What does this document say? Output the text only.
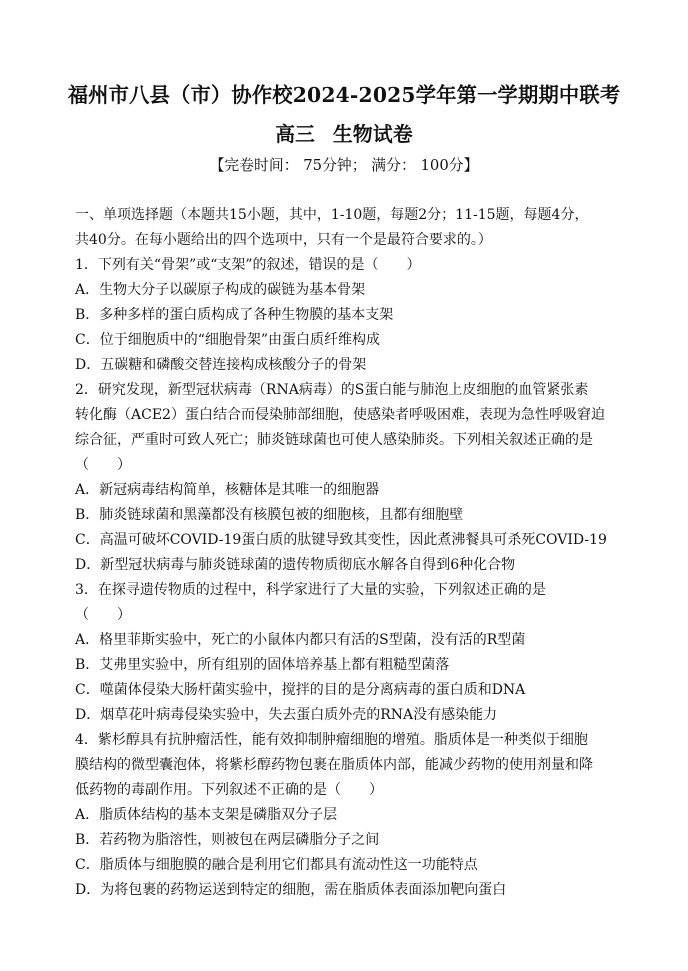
福州市八县（市）协作校2024-2025学年第一学期期中联考
高三 生物试卷
【完卷时间： 75分钟； 满分： 100分】
一、单项选择题（本题共15小题，其中，1-10题，每题2分；11-15题，每题4分，
共40分。在每小题给出的四个选项中，只有一个是最符合要求的。）
1．下列有关“骨架”或“支架”的叙述，错误的是（　　）
A．生物大分子以碳原子构成的碳链为基本骨架
B．多种多样的蛋白质构成了各种生物膜的基本支架
C．位于细胞质中的“细胞骨架”由蛋白质纤维构成
D．五碳糖和磷酸交替连接构成核酸分子的骨架
2．研究发现，新型冠状病毒（RNA病毒）的S蛋白能与肺泡上皮细胞的血管紧张素
转化酶（ACE2）蛋白结合而侵染肺部细胞，使感染者呼吸困难，表现为急性呼吸窘迫
综合征，严重时可致人死亡；肺炎链球菌也可使人感染肺炎。下列相关叙述正确的是
（　　）
A．新冠病毒结构简单，核糖体是其唯一的细胞器
B．肺炎链球菌和黑藻都没有核膜包被的细胞核，且都有细胞壁
C．高温可破坏COVID-19蛋白质的肽键导致其变性，因此煮沸餐具可杀死COVID-19
D．新型冠状病毒与肺炎链球菌的遗传物质彻底水解各自得到6种化合物
3．在探寻遗传物质的过程中，科学家进行了大量的实验，下列叙述正确的是
（　　）
A．格里菲斯实验中，死亡的小鼠体内都只有活的S型菌，没有活的R型菌
B．艾弗里实验中，所有组别的固体培养基上都有粗糙型菌落
C．噬菌体侵染大肠杆菌实验中，搅拌的目的是分离病毒的蛋白质和DNA
D．烟草花叶病毒侵染实验中，失去蛋白质外壳的RNA没有感染能力
4．紫杉醇具有抗肿瘤活性，能有效抑制肿瘤细胞的增殖。脂质体是一种类似于细胞
膜结构的微型囊泡体，将紫杉醇药物包裹在脂质体内部，能减少药物的使用剂量和降
低药物的毒副作用。下列叙述不正确的是（　　）
A．脂质体结构的基本支架是磷脂双分子层
B．若药物为脂溶性，则被包在两层磷脂分子之间
C．脂质体与细胞膜的融合是利用它们都具有流动性这一功能特点
D．为将包裹的药物运送到特定的细胞，需在脂质体表面添加靶向蛋白
